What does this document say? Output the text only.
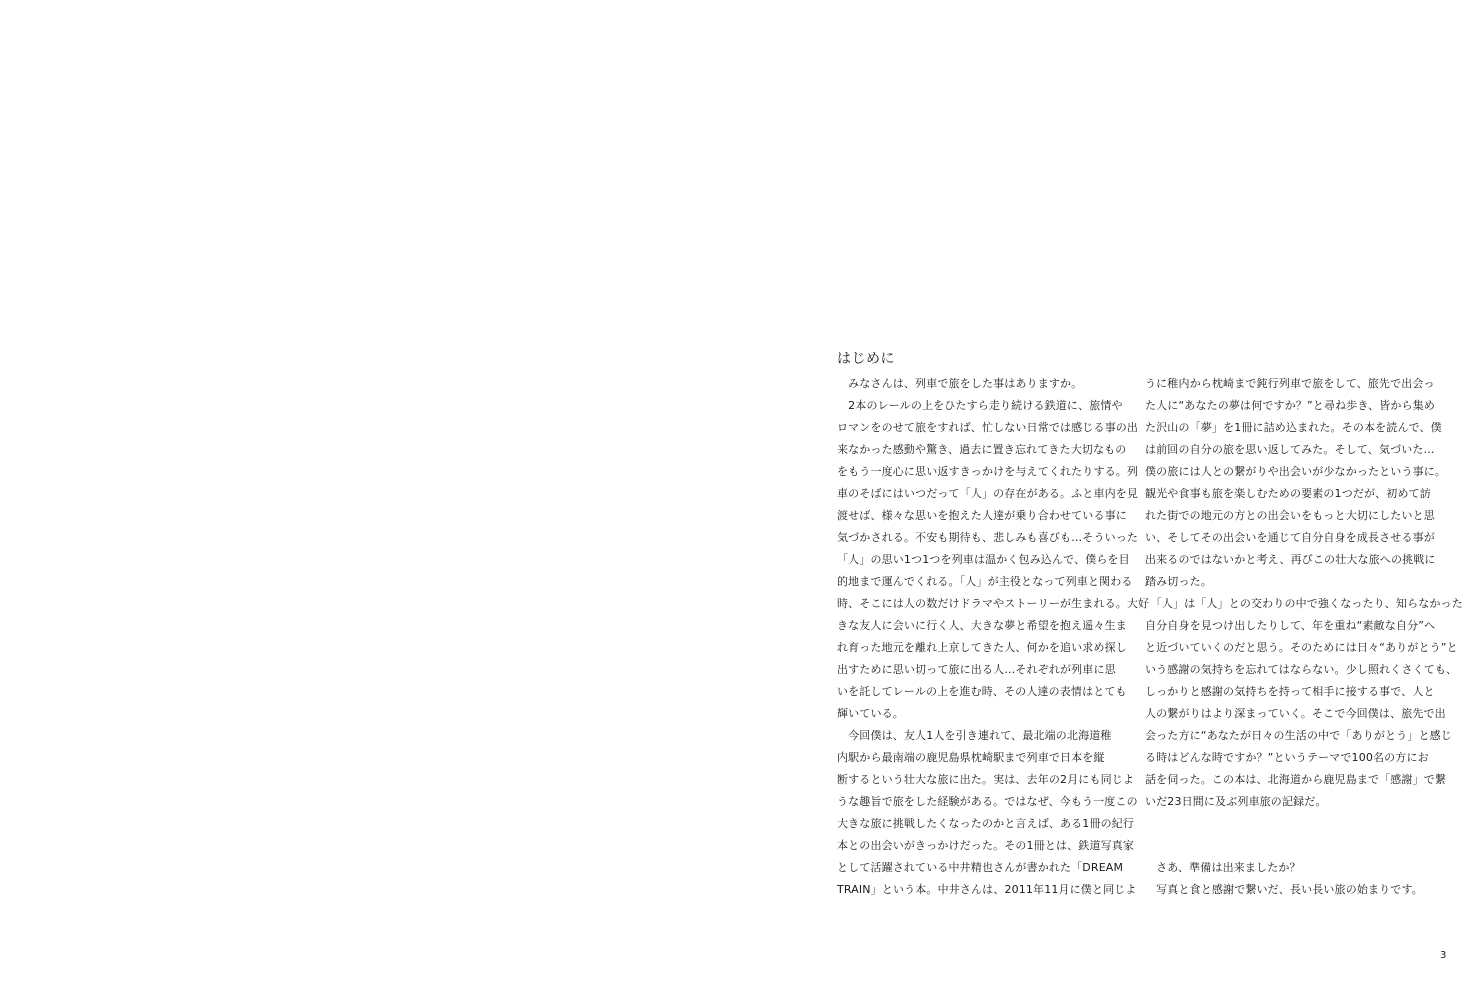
はじめに
　みなさんは、列車で旅をした事はありますか。
　2本のレールの上をひたすら走り続ける鉄道に、旅情や
ロマンをのせて旅をすれば、忙しない日常では感じる事の出
来なかった感動や驚き、過去に置き忘れてきた大切なもの
をもう一度心に思い返すきっかけを与えてくれたりする。列
車のそばにはいつだって「人」の存在がある。ふと車内を見
渡せば、様々な思いを抱えた人達が乗り合わせている事に
気づかされる。不安も期待も、悲しみも喜びも…そういった
「人」の思い1つ1つを列車は温かく包み込んで、僕らを目
的地まで運んでくれる。「人」が主役となって列車と関わる
時、そこには人の数だけドラマやストーリーが生まれる。大好
きな友人に会いに行く人、大きな夢と希望を抱え遥々生ま
れ育った地元を離れ上京してきた人、何かを追い求め探し
出すために思い切って旅に出る人…それぞれが列車に思
いを託してレールの上を進む時、その人達の表情はとても
輝いている。
　今回僕は、友人1人を引き連れて、最北端の北海道稚
内駅から最南端の鹿児島県枕崎駅まで列車で日本を縦
断するという壮大な旅に出た。実は、去年の2月にも同じよ
うな趣旨で旅をした経験がある。ではなぜ、今もう一度この
大きな旅に挑戦したくなったのかと言えば、ある1冊の紀行
本との出会いがきっかけだった。その1冊とは、鉄道写真家
として活躍されている中井精也さんが書かれた「DREAM
TRAIN」という本。中井さんは、2011年11月に僕と同じよ
うに稚内から枕崎まで鈍行列車で旅をして、旅先で出会っ
た人に“あなたの夢は何ですか？”と尋ね歩き、皆から集め
た沢山の「夢」を1冊に詰め込まれた。その本を読んで、僕
は前回の自分の旅を思い返してみた。そして、気づいた…
僕の旅には人との繋がりや出会いが少なかったという事に。
観光や食事も旅を楽しむための要素の1つだが、初めて訪
れた街での地元の方との出会いをもっと大切にしたいと思
い、そしてその出会いを通じて自分自身を成長させる事が
出来るのではないかと考え、再びこの壮大な旅への挑戦に
踏み切った。
　「人」は「人」との交わりの中で強くなったり、知らなかった
自分自身を見つけ出したりして、年を重ね“素敵な自分”へ
と近づいていくのだと思う。そのためには日々“ありがとう”と
いう感謝の気持ちを忘れてはならない。少し照れくさくても、
しっかりと感謝の気持ちを持って相手に接する事で、人と
人の繋がりはより深まっていく。そこで今回僕は、旅先で出
会った方に“あなたが日々の生活の中で「ありがとう」と感じ
る時はどんな時ですか？”というテーマで100名の方にお
話を伺った。この本は、北海道から鹿児島まで「感謝」で繋
いだ23日間に及ぶ列車旅の記録だ。
　さあ、準備は出来ましたか？
　写真と食と感謝で繋いだ、長い長い旅の始まりです。
3
